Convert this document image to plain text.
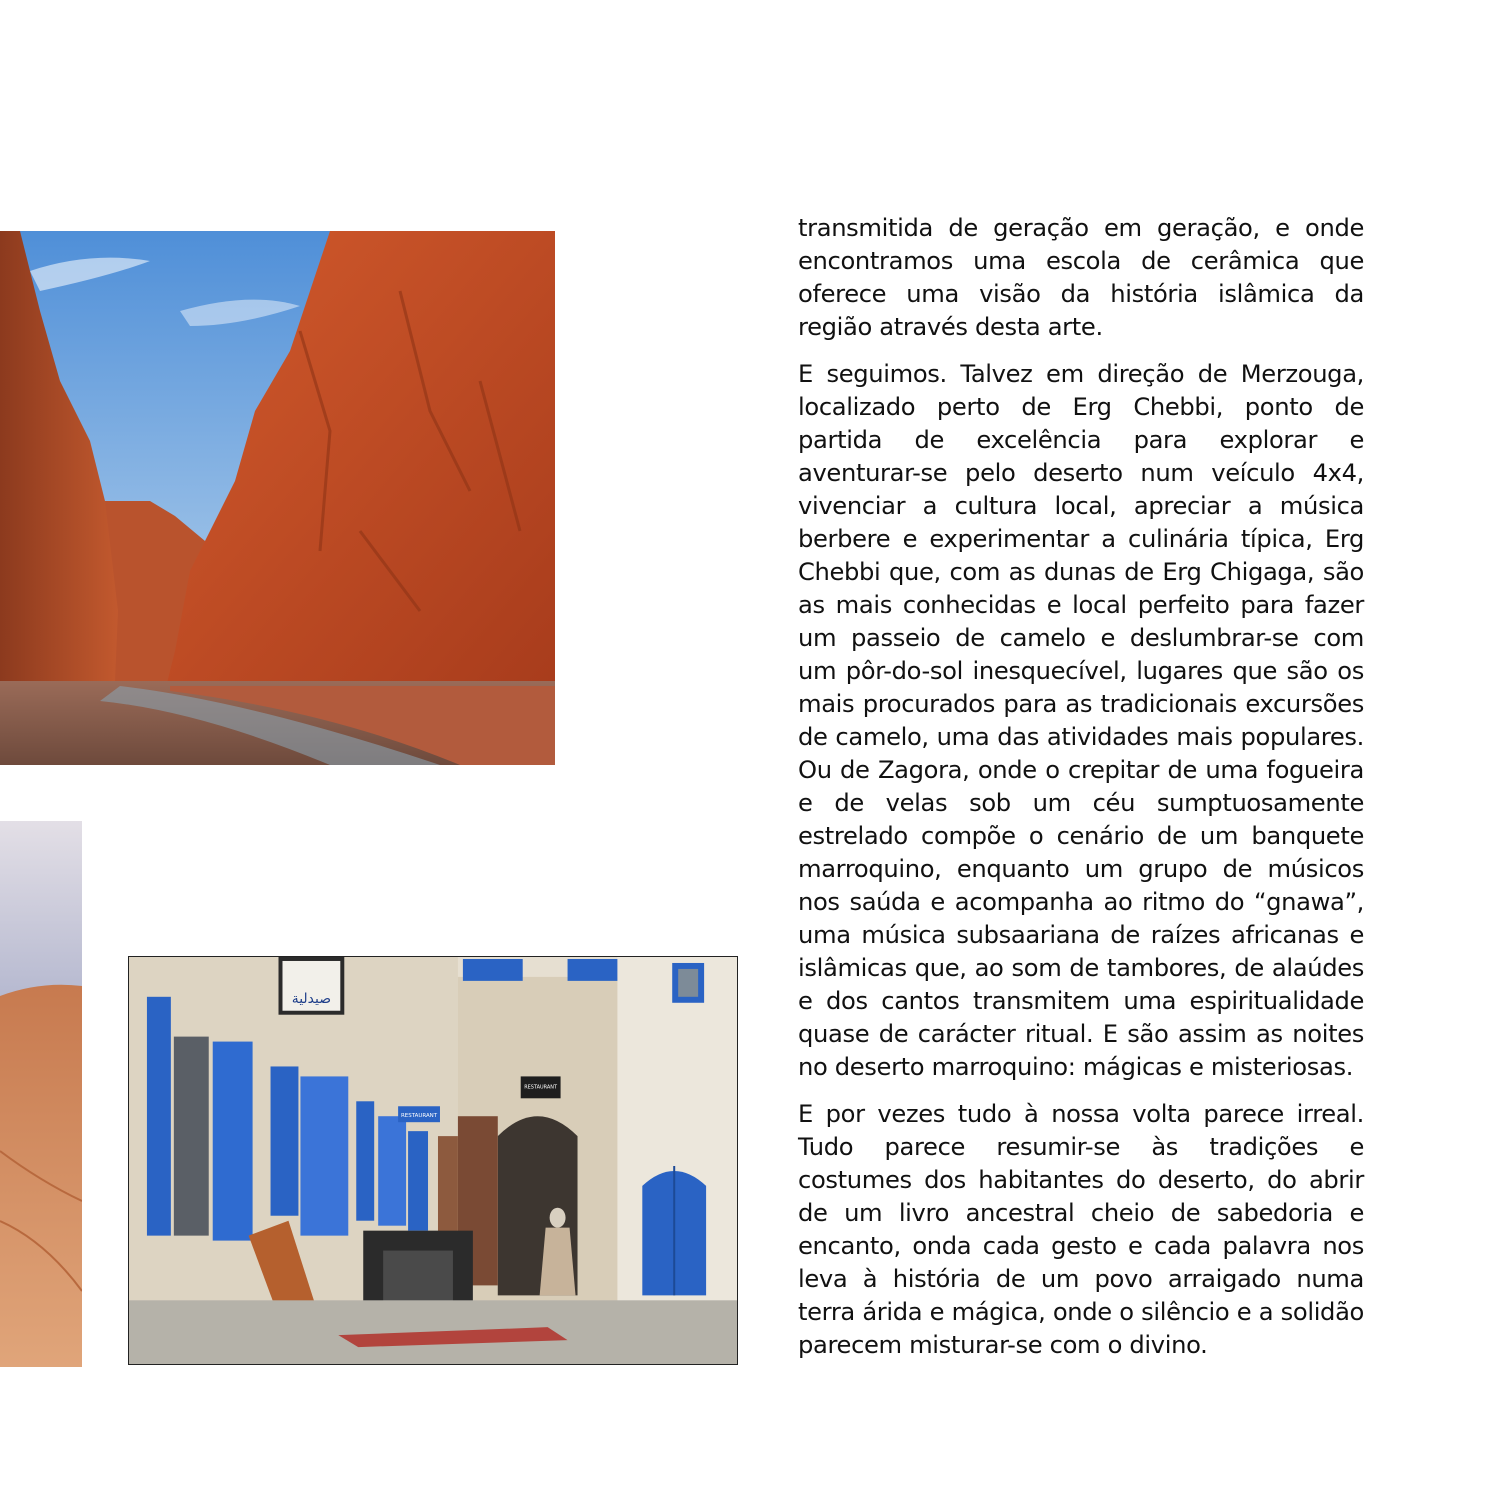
صيدلية
RESTAURANT
RESTAURANT

transmitida de geração em geração, e onde encontramos uma escola de cerâmica que oferece uma visão da história islâmica da região através desta arte.

E seguimos. Talvez em direção de Merzouga, localizado perto de Erg Chebbi, ponto de partida de excelência para explorar e aventurar-se pelo deserto num veículo 4x4, vivenciar a cultura local, apreciar a música berbere e experimentar a culinária típica, Erg Chebbi que, com as dunas de Erg Chigaga, são as mais conhecidas e local perfeito para fazer um passeio de camelo e deslumbrar-se com um pôr-do-sol inesquecível, lugares que são os mais procurados para as tradicionais excursões de camelo, uma das atividades mais populares. Ou de Zagora, onde o crepitar de uma fogueira e de velas sob um céu sumptuosamente estrelado compõe o cenário de um banquete marroquino, enquanto um grupo de músicos nos saúda e acompanha ao ritmo do “gnawa”, uma música subsaariana de raízes africanas e islâmicas que, ao som de tambores, de alaúdes e dos cantos transmitem uma espiritualidade quase de carácter ritual. E são assim as noites no deserto marroquino: mágicas e misteriosas.

E por vezes tudo à nossa volta parece irreal. Tudo parece resumir-se às tradições e costumes dos habitantes do deserto, do abrir de um livro ancestral cheio de sabedoria e encanto, onda cada gesto e cada palavra nos leva à história de um povo arraigado numa terra árida e mágica, onde o silêncio e a solidão parecem misturar-se com o divino.
